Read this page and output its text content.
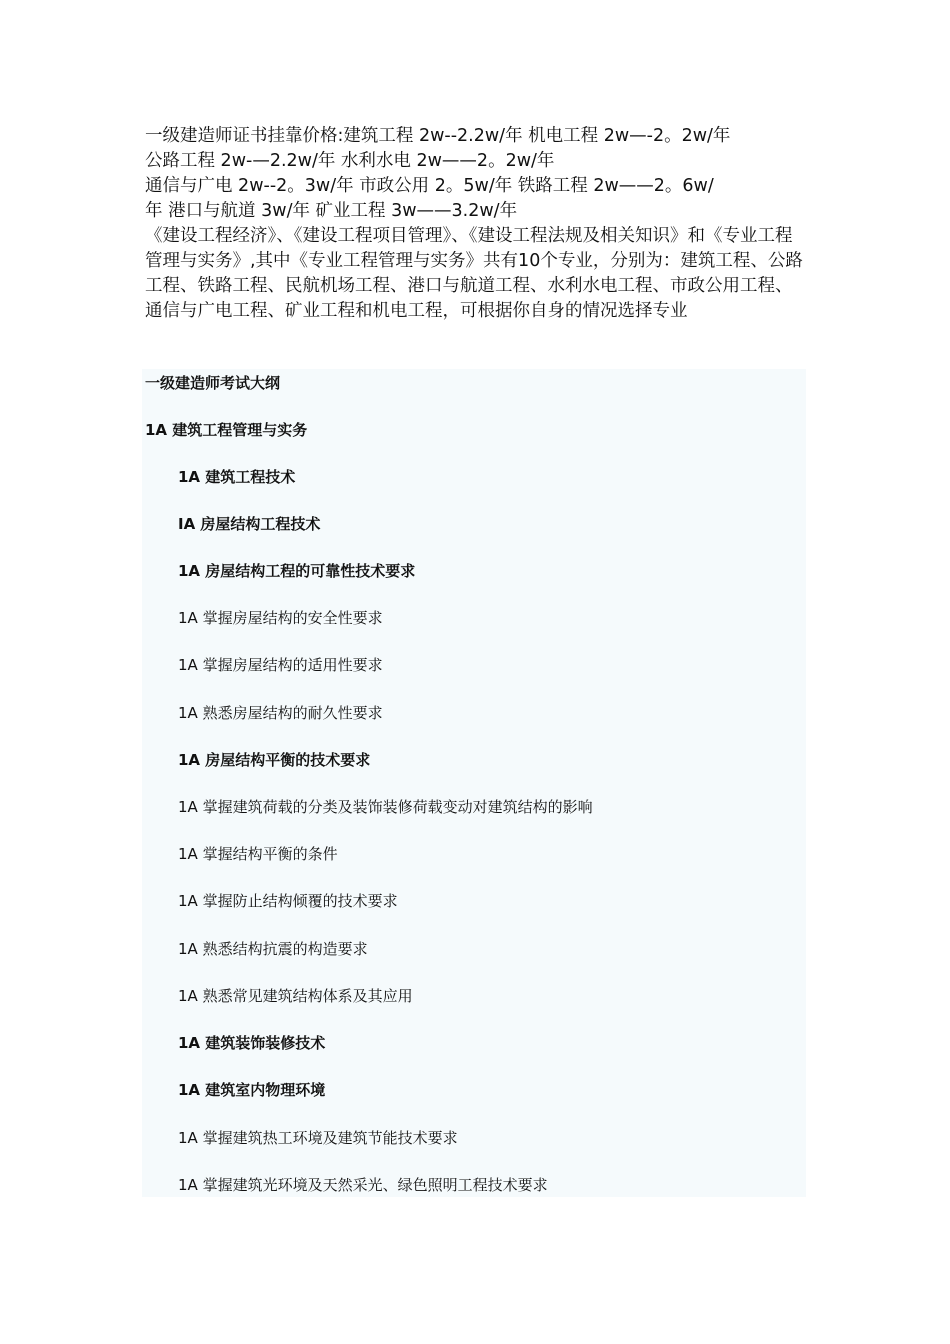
一级建造师证书挂靠价格:建筑工程 2w--2.2w/年 机电工程 2w—-2。2w/年

公路工程 2w-—2.2w/年 水利水电 2w——2。2w/年

通信与广电 2w--2。3w/年 市政公用 2。5w/年 铁路工程 2w——2。6w/

年 港口与航道 3w/年 矿业工程 3w——3.2w/年

《建设工程经济》、《建设工程项目管理》、《建设工程法规及相关知识》和《专业工程管理与实务》,其中《专业工程管理与实务》共有10个专业，分别为：建筑工程、公路工程、铁路工程、民航机场工程、港口与航道工程、水利水电工程、市政公用工程、通信与广电工程、矿业工程和机电工程，可根据你自身的情况选择专业

一级建造师考试大纲
1A 建筑工程管理与实务
1A 建筑工程技术
IA 房屋结构工程技术
1A 房屋结构工程的可靠性技术要求
1A 掌握房屋结构的安全性要求
1A 掌握房屋结构的适用性要求
1A 熟悉房屋结构的耐久性要求
1A 房屋结构平衡的技术要求
1A 掌握建筑荷载的分类及装饰装修荷载变动对建筑结构的影响
1A 掌握结构平衡的条件
1A 掌握防止结构倾覆的技术要求
1A 熟悉结构抗震的构造要求
1A 熟悉常见建筑结构体系及其应用
1A 建筑装饰装修技术
1A 建筑室内物理环境
1A 掌握建筑热工环境及建筑节能技术要求
1A 掌握建筑光环境及天然采光、绿色照明工程技术要求
